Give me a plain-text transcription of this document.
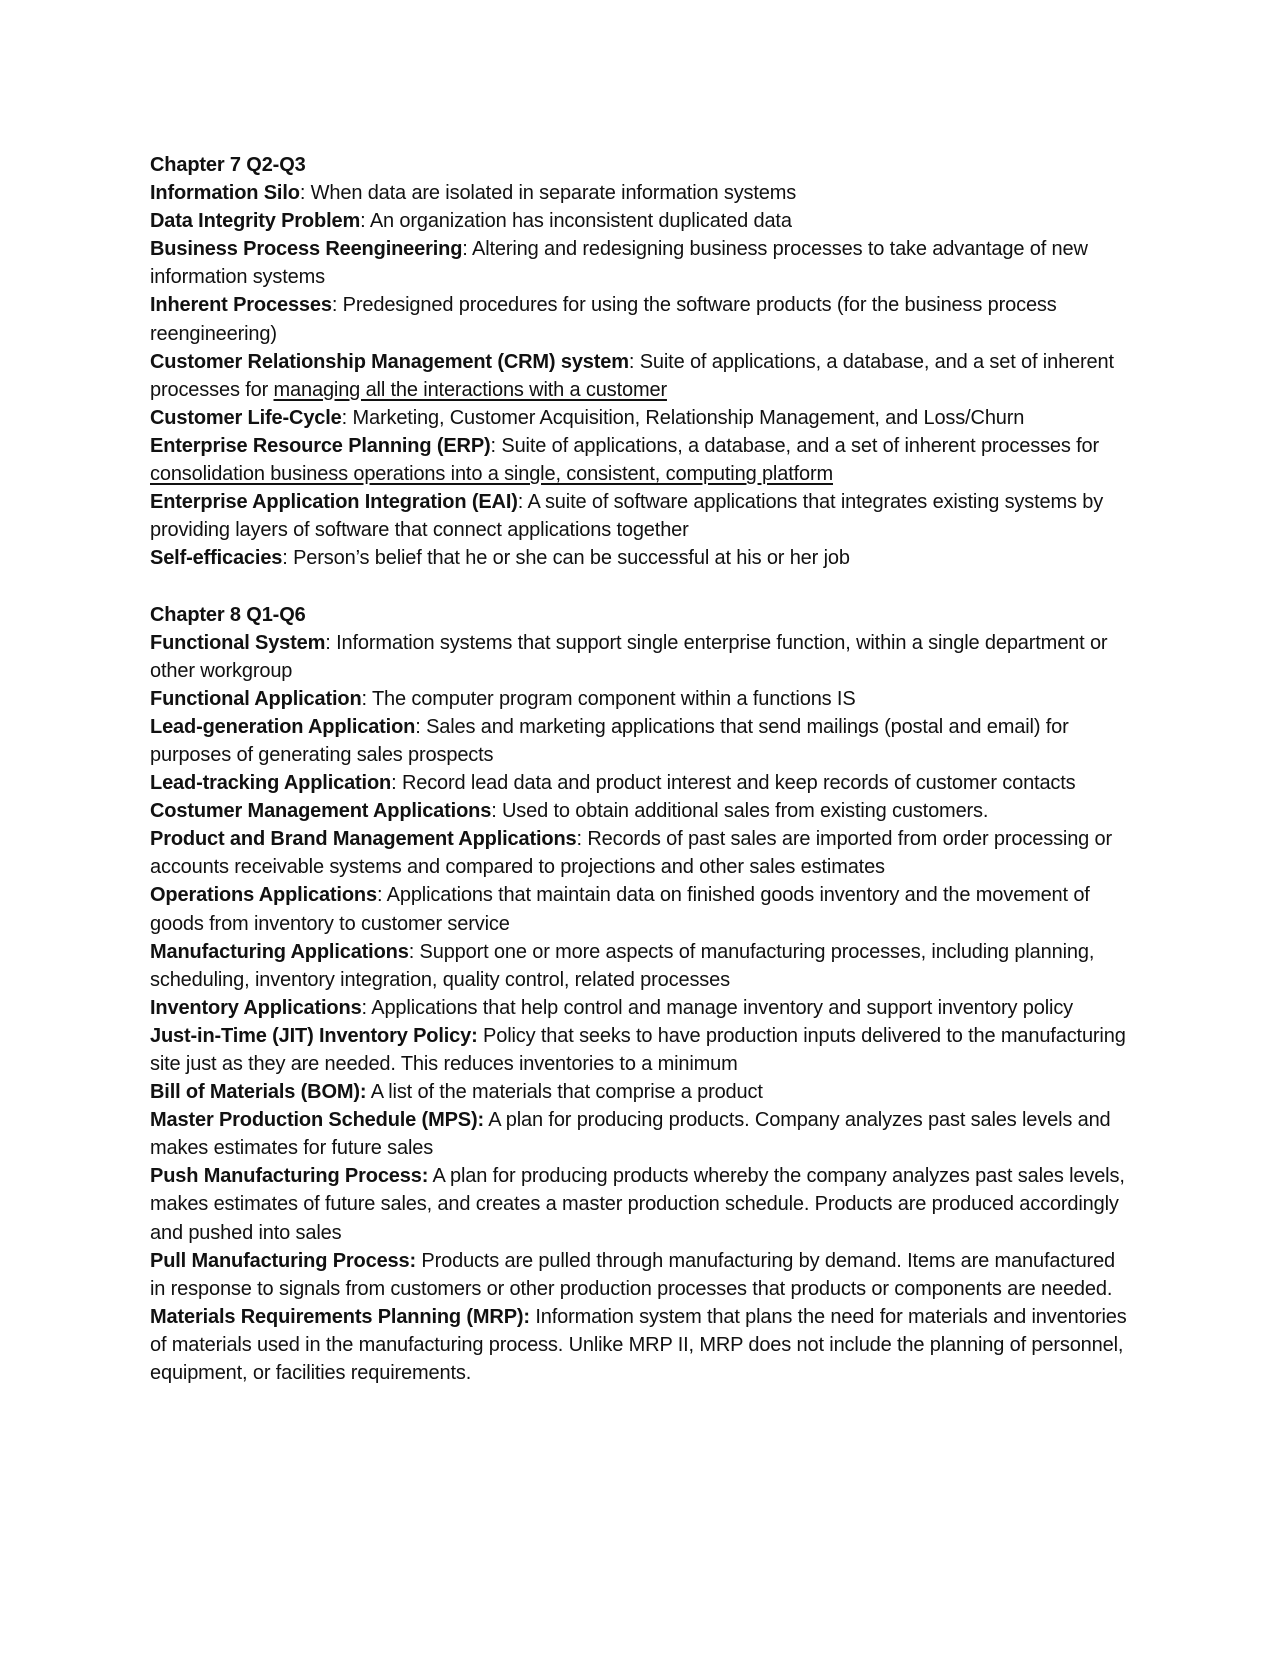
Chapter 7 Q2-Q3

Information Silo: When data are isolated in separate information systems

Data Integrity Problem: An organization has inconsistent duplicated data

Business Process Reengineering: Altering and redesigning business processes to take advantage of new information systems

Inherent Processes: Predesigned procedures for using the software products (for the business process reengineering)

Customer Relationship Management (CRM) system: Suite of applications, a database, and a set of inherent processes for managing all the interactions with a customer

Customer Life-Cycle: Marketing, Customer Acquisition, Relationship Management, and Loss/Churn

Enterprise Resource Planning (ERP): Suite of applications, a database, and a set of inherent processes for consolidation business operations into a single, consistent, computing platform

Enterprise Application Integration (EAI): A suite of software applications that integrates existing systems by providing layers of software that connect applications together

Self-efficacies: Person’s belief that he or she can be successful at his or her job

Chapter 8 Q1-Q6

Functional System: Information systems that support single enterprise function, within a single department or other workgroup

Functional Application: The computer program component within a functions IS

Lead-generation Application: Sales and marketing applications that send mailings (postal and email) for purposes of generating sales prospects

Lead-tracking Application: Record lead data and product interest and keep records of customer contacts

Costumer Management Applications: Used to obtain additional sales from existing customers.

Product and Brand Management Applications: Records of past sales are imported from order processing or accounts receivable systems and compared to projections and other sales estimates

Operations Applications: Applications that maintain data on finished goods inventory and the movement of goods from inventory to customer service

Manufacturing Applications: Support one or more aspects of manufacturing processes, including planning, scheduling, inventory integration, quality control, related processes

Inventory Applications: Applications that help control and manage inventory and support inventory policy

Just-in-Time (JIT) Inventory Policy: Policy that seeks to have production inputs delivered to the manufacturing site just as they are needed. This reduces inventories to a minimum

Bill of Materials (BOM): A list of the materials that comprise a product

Master Production Schedule (MPS): A plan for producing products. Company analyzes past sales levels and makes estimates for future sales

Push Manufacturing Process: A plan for producing products whereby the company analyzes past sales levels, makes estimates of future sales, and creates a master production schedule. Products are produced accordingly and pushed into sales

Pull Manufacturing Process: Products are pulled through manufacturing by demand. Items are manufactured in response to signals from customers or other production processes that products or components are needed.

Materials Requirements Planning (MRP): Information system that plans the need for materials and inventories of materials used in the manufacturing process. Unlike MRP II, MRP does not include the planning of personnel, equipment, or facilities requirements.
